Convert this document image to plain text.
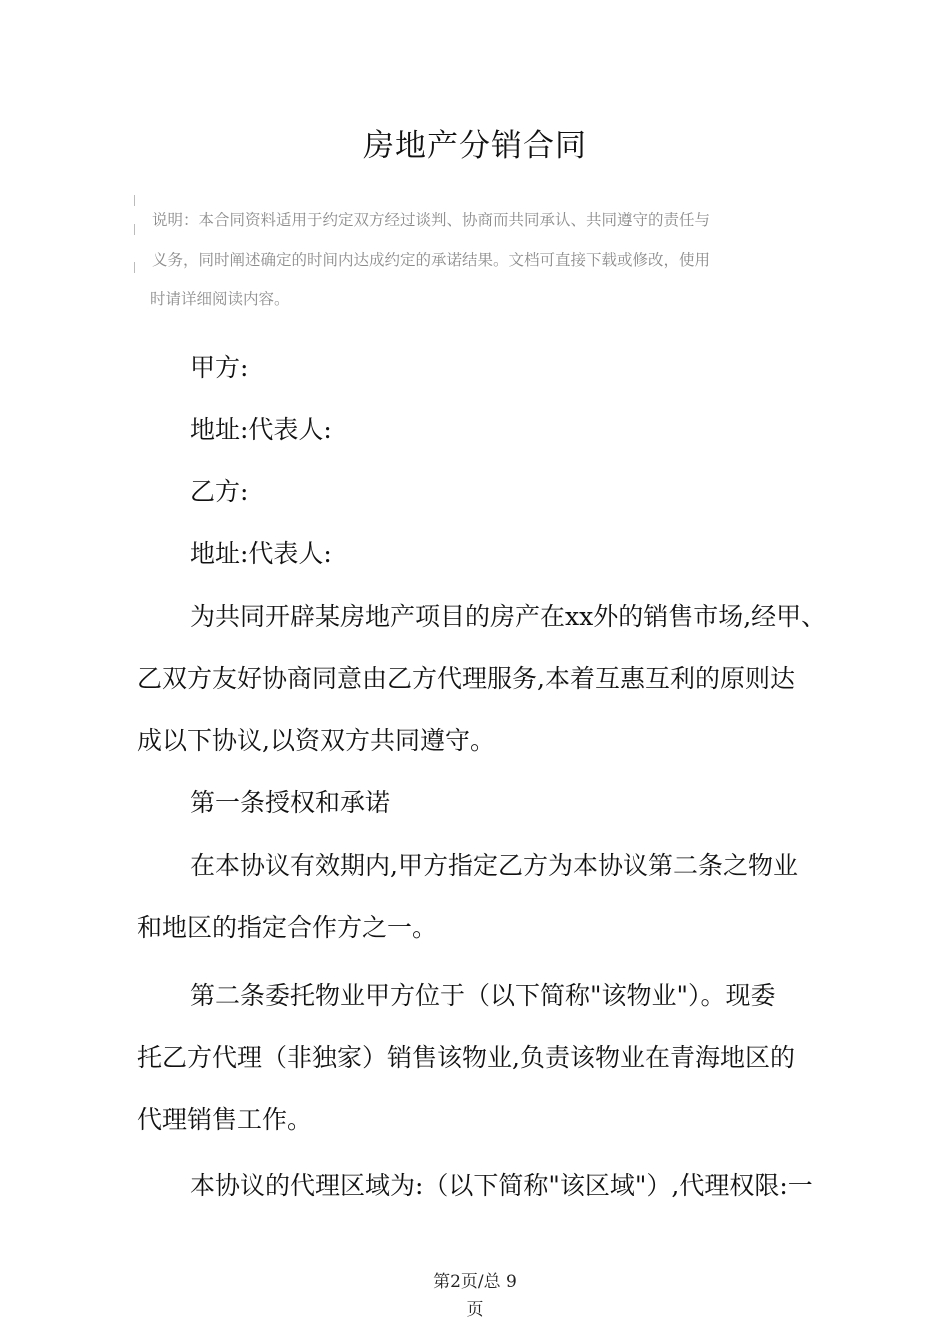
房地产分销合同
说明：本合同资料适用于约定双方经过谈判、协商而共同承认、共同遵守的责任与
义务，同时阐述确定的时间内达成约定的承诺结果。文档可直接下载或修改，使用
时请详细阅读内容。
甲方:
地址:代表人:
乙方:
地址:代表人:
为共同开辟某房地产项目的房产在xx外的销售市场,经甲、
乙双方友好协商同意由乙方代理服务,本着互惠互利的原则达
成以下协议,以资双方共同遵守。
第一条授权和承诺
在本协议有效期内,甲方指定乙方为本协议第二条之物业
和地区的指定合作方之一。
第二条委托物业甲方位于（以下简称"该物业"）。现委
托乙方代理（非独家）销售该物业,负责该物业在青海地区的
代理销售工作。
本协议的代理区域为:（以下简称"该区域"）,代理权限:一
第2页/总 9
页
